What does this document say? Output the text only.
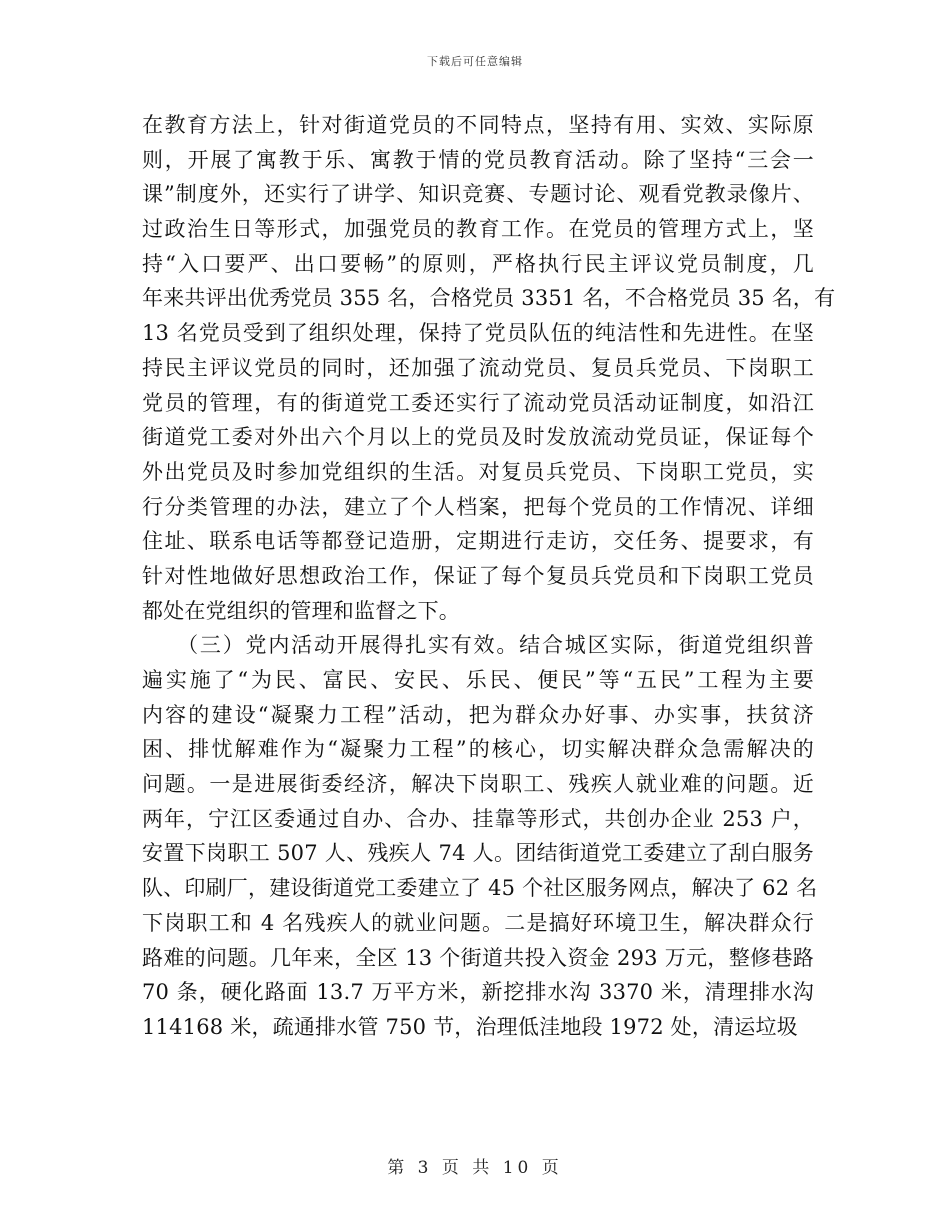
下载后可任意编辑
在教育方法上，针对街道党员的不同特点，坚持有用、实效、实际原
则，开展了寓教于乐、寓教于情的党员教育活动。除了坚持“三会一
课”制度外，还实行了讲学、知识竞赛、专题讨论、观看党教录像片、
过政治生日等形式，加强党员的教育工作。在党员的管理方式上，坚
持“入口要严、出口要畅”的原则，严格执行民主评议党员制度，几
年来共评出优秀党员 355 名，合格党员 3351 名，不合格党员 35 名，有
13 名党员受到了组织处理，保持了党员队伍的纯洁性和先进性。在坚
持民主评议党员的同时，还加强了流动党员、复员兵党员、下岗职工
党员的管理，有的街道党工委还实行了流动党员活动证制度，如沿江
街道党工委对外出六个月以上的党员及时发放流动党员证，保证每个
外出党员及时参加党组织的生活。对复员兵党员、下岗职工党员，实
行分类管理的办法，建立了个人档案，把每个党员的工作情况、详细
住址、联系电话等都登记造册，定期进行走访，交任务、提要求，有
针对性地做好思想政治工作，保证了每个复员兵党员和下岗职工党员
都处在党组织的管理和监督之下。
　　（三）党内活动开展得扎实有效。结合城区实际，街道党组织普
遍实施了“为民、富民、安民、乐民、便民”等“五民”工程为主要
内容的建设“凝聚力工程”活动，把为群众办好事、办实事，扶贫济
困、排忧解难作为“凝聚力工程”的核心，切实解决群众急需解决的
问题。一是进展街委经济，解决下岗职工、残疾人就业难的问题。近
两年，宁江区委通过自办、合办、挂靠等形式，共创办企业 253 户，
安置下岗职工 507 人、残疾人 74 人。团结街道党工委建立了刮白服务
队、印刷厂，建设街道党工委建立了 45 个社区服务网点，解决了 62 名
下岗职工和 4 名残疾人的就业问题。二是搞好环境卫生，解决群众行
路难的问题。几年来，全区 13 个街道共投入资金 293 万元，整修巷路
70 条，硬化路面 13.7 万平方米，新挖排水沟 3370 米，清理排水沟
114168 米，疏通排水管 750 节，治理低洼地段 1972 处，清运垃圾
第 3 页 共 10 页
